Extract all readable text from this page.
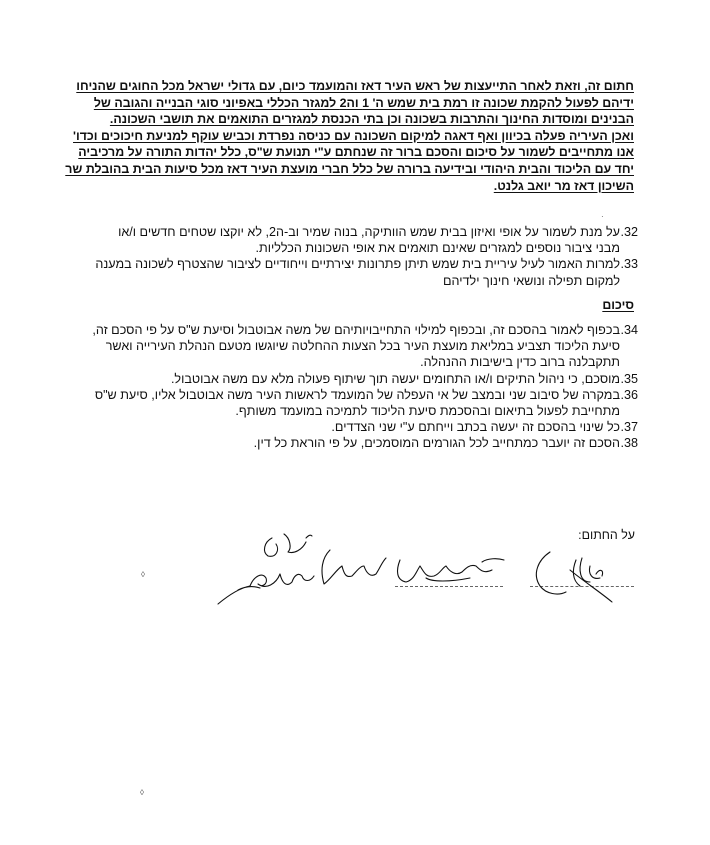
חתום זה, וזאת לאחר התייעצות של ראש העיר דאז והמועמד כיום, עם גדולי ישראל מכל החוגים שהניחו
ידיהם לפעול להקמת שכונה זו רמת בית שמש ה' 1 וה2 למגזר הכללי באפיוני סוגי הבנייה והגובה של
הבנינים ומוסדות החינוך והתרבות בשכונה וכן בתי הכנסת למגזרים התואמים את תושבי השכונה.
ואכן העיריה פעלה בכיוון ואף דאגה למיקום השכונה עם כניסה נפרדת וכביש עוקף למניעת חיכוכים וכדו'
אנו מתחייבים לשמור על סיכום והסכם ברור זה שנחתם ע"י תנועת ש"ס, כלל יהדות התורה על מרכיביה
יחד עם הליכוד והבית היהודי ובידיעה ברורה של כלל חברי מועצת העיר דאז מכל סיעות הבית בהובלת שר
השיכון דאז מר יואב גלנט.
32.
על מנת לשמור על אופי ואיזון בבית שמש הוותיקה, בנוה שמיר וב-ה2, לא יוקצו שטחים חדשים ו/או
מבני ציבור נוספים למגזרים שאינם תואמים את אופי השכונות הכלליות.
33.
למרות האמור לעיל עיריית בית שמש תיתן פתרונות יצירתיים וייחודיים לציבור שהצטרף לשכונה במענה
למקום תפילה ונושאי חינוך ילדיהם
סיכום
34.
בכפוף לאמור בהסכם זה, ובכפוף למילוי התחייבויותיהם של משה אבוטבול וסיעת ש"ס על פי הסכם זה,
סיעת הליכוד תצביע במליאת מועצת העיר בכל הצעות ההחלטה שיוגשו מטעם הנהלת העירייה ואשר
תתקבלנה ברוב כדין בישיבות ההנהלה.
35.
מוסכם, כי ניהול התיקים ו/או התחומים יעשה תוך שיתוף פעולה מלא עם משה אבוטבול.
36.
במקרה של סיבוב שני ובמצב של אי העפלה של המועמד לראשות העיר משה אבוטבול אליו, סיעת ש"ס
מתחייבת לפעול בתיאום ובהסכמת סיעת הליכוד לתמיכה במועמד משותף.
37.
כל שינוי בהסכם זה יעשה בכתב וייחתם ע"י שני הצדדים.
38.
הסכם זה יועבר כמתחייב לכל הגורמים המוסמכים, על פי הוראת כל דין.
על החתום:
·
◊
◊
